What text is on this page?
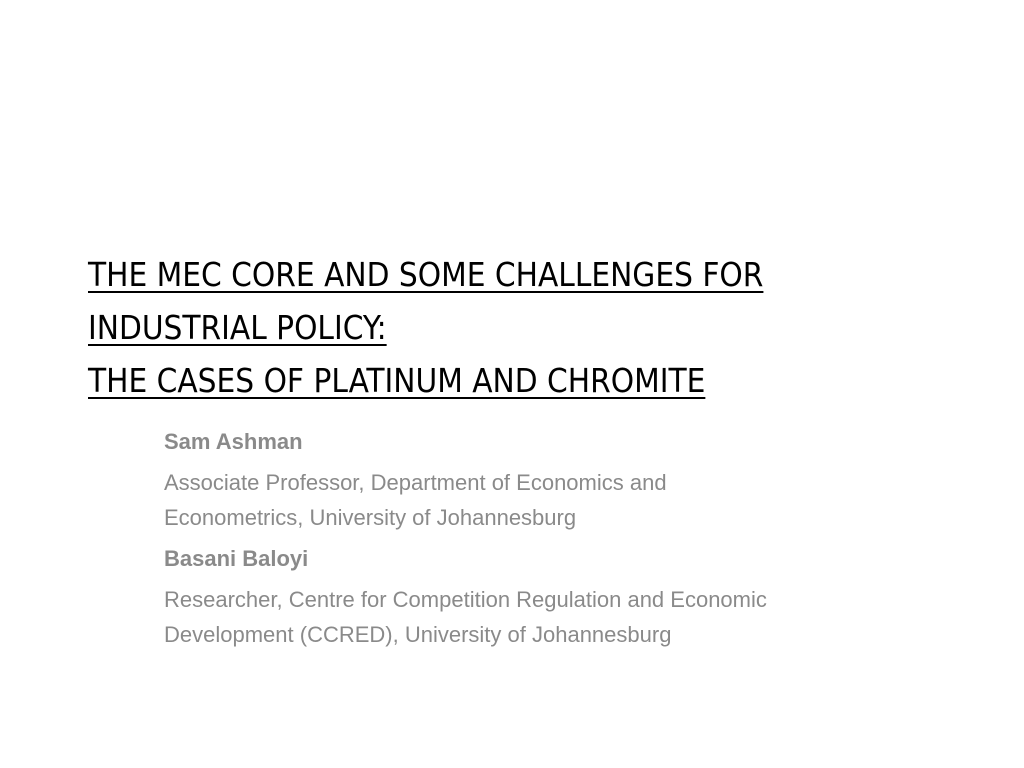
THE MEC CORE AND SOME CHALLENGES FOR
INDUSTRIAL POLICY:
THE CASES OF PLATINUM AND CHROMITE

Sam Ashman

Associate Professor, Department of Economics and Econometrics, University of Johannesburg

Basani Baloyi

Researcher, Centre for Competition Regulation and Economic Development (CCRED), University of Johannesburg
